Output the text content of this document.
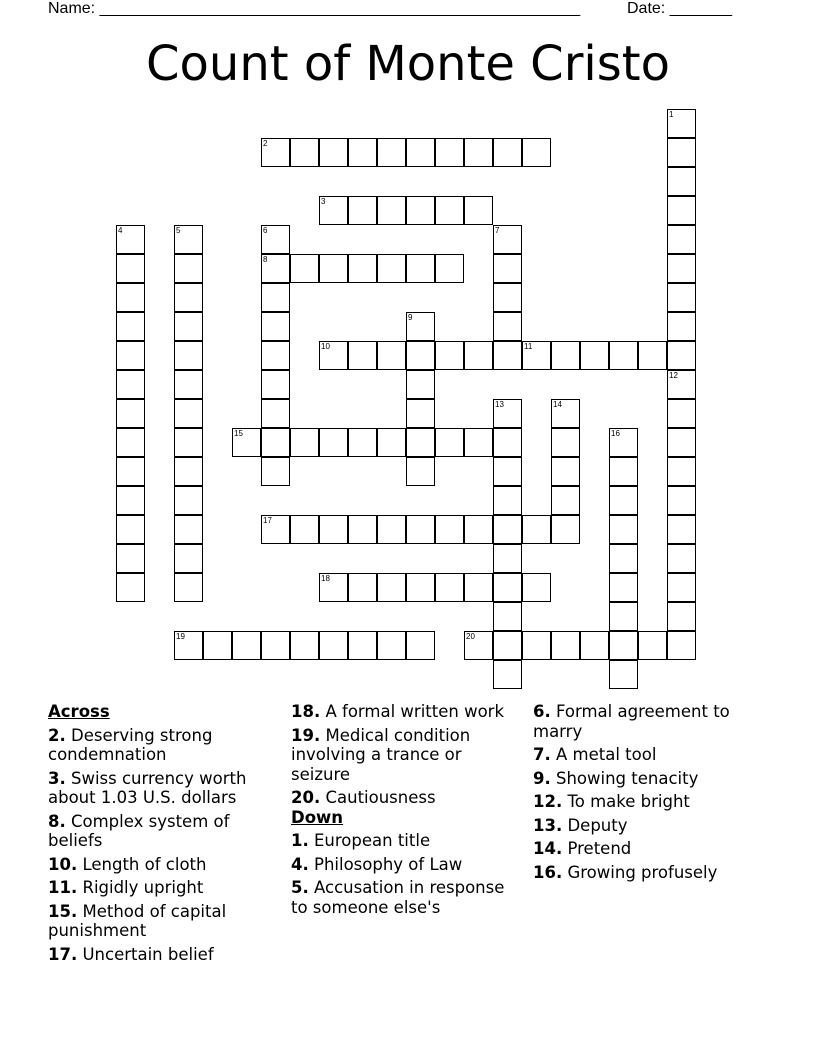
Name: ______________________________________________________	Date: _______
Count of Monte Cristo
1
2
3
4	5	6
8
7
9
10	11
12
13	14
15	16
17
18
19	20
Across
2. Deserving strong condemnation
3. Swiss currency worth about 1.03 U.S. dollars
8. Complex system of beliefs
10. Length of cloth
11. Rigidly upright
15. Method of capital punishment
17. Uncertain belief
18. A formal written work
19. Medical condition involving a trance or seizure
20. Cautiousness
Down
1. European title
4. Philosophy of Law
5. Accusation in response to someone else's
6. Formal agreement to marry
7. A metal tool
9. Showing tenacity
12. To make bright
13. Deputy
14. Pretend
16. Growing profusely
